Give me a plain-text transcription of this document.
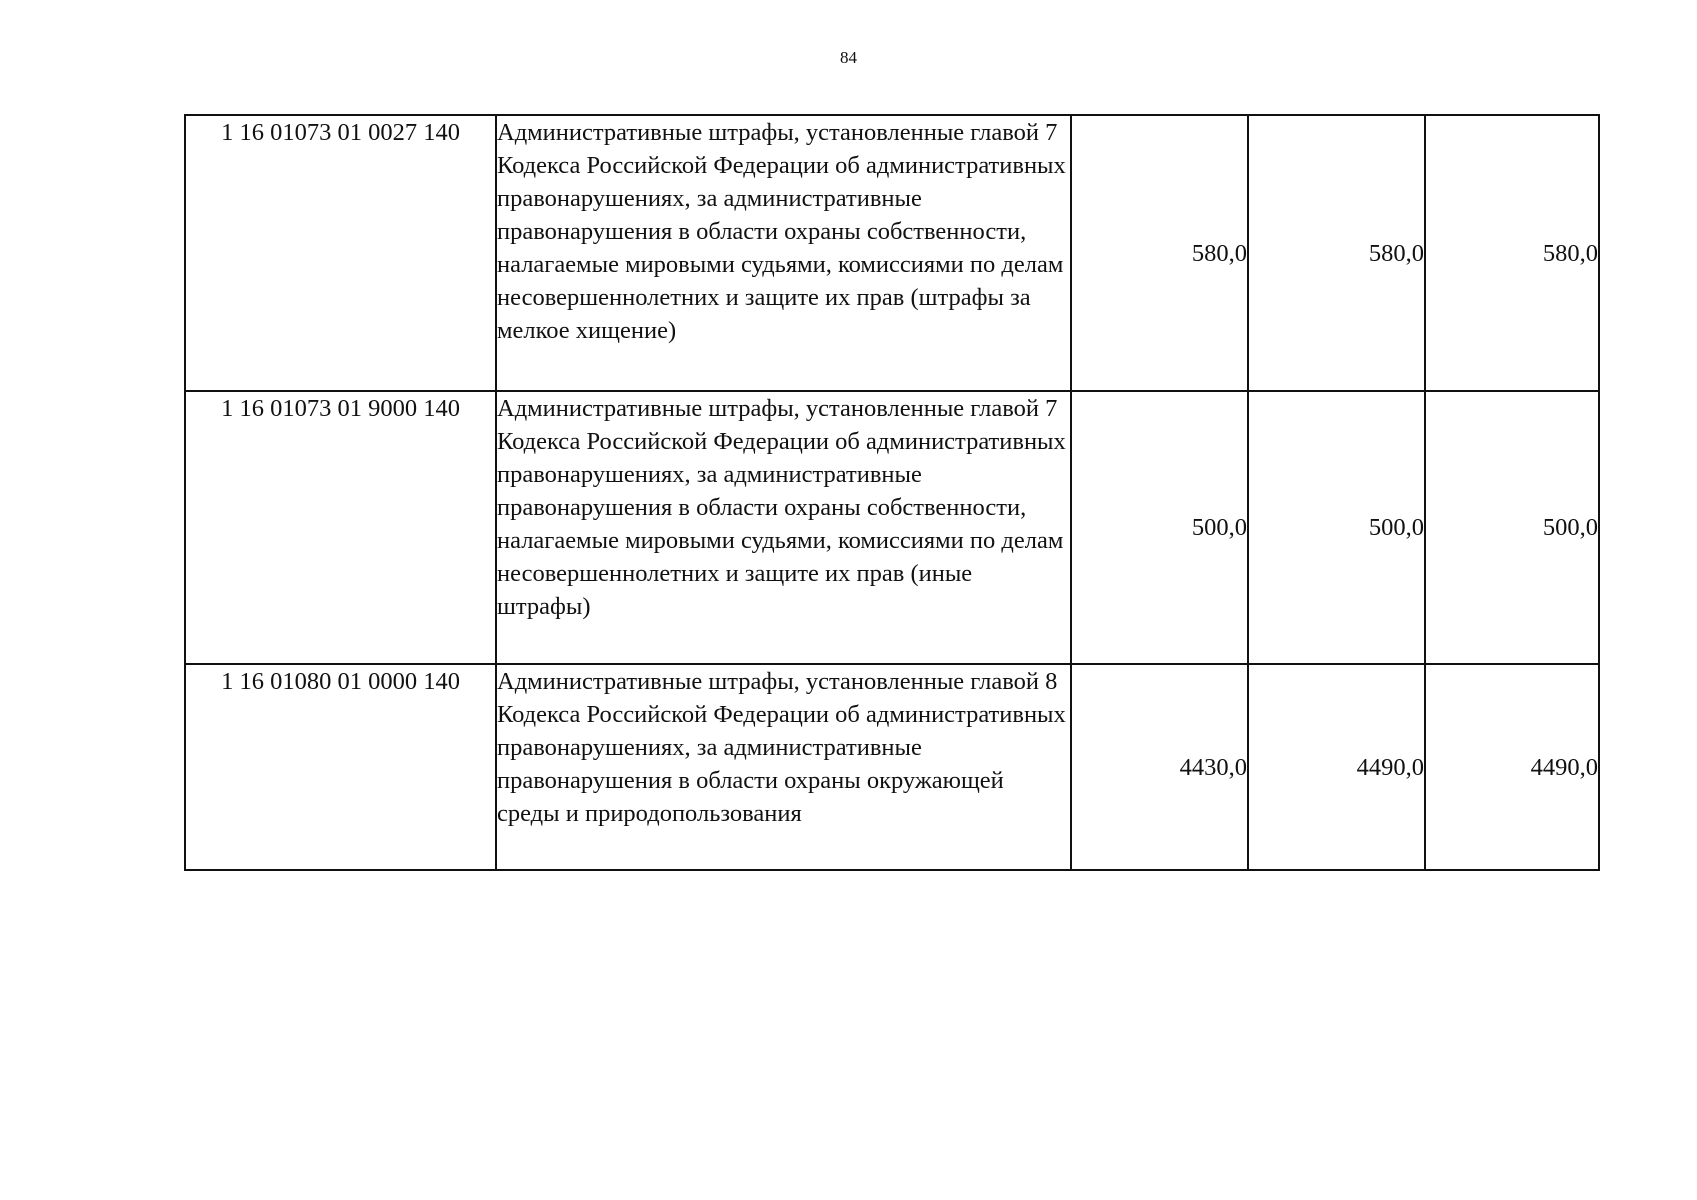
84
1 16 01073 01 0027 140	Административные штрафы, установленные главой 7 Кодекса Российской Федерации об административных правонарушениях, за административные правонарушения в области охраны собственности, налагаемые мировыми судьями, комиссиями по делам несовершеннолетних и защите их прав (штрафы за мелкое хищение)	580,0	580,0	580,0
1 16 01073 01 9000 140	Административные штрафы, установленные главой 7 Кодекса Российской Федерации об административных правонарушениях, за административные правонарушения в области охраны собственности, налагаемые мировыми судьями, комиссиями по делам несовершеннолетних и защите их прав (иные штрафы)	500,0	500,0	500,0
1 16 01080 01 0000 140	Административные штрафы, установленные главой 8 Кодекса Российской Федерации об административных правонарушениях, за административные правонарушения в области охраны окружающей среды и природопользования	4430,0	4490,0	4490,0
